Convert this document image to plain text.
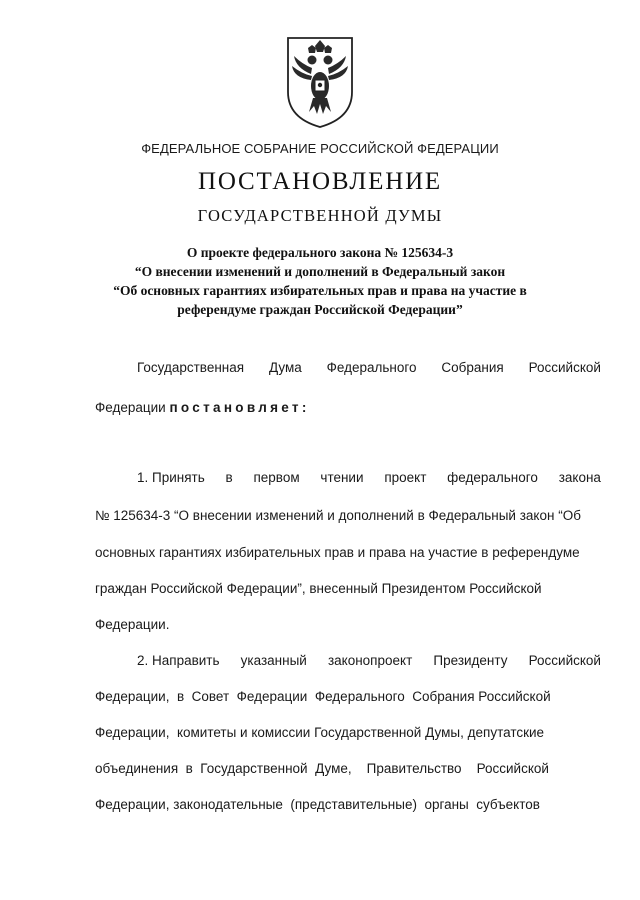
ФЕДЕРАЛЬНОЕ СОБРАНИЕ РОССИЙСКОЙ ФЕДЕРАЦИИ
ПОСТАНОВЛЕНИЕ
ГОСУДАРСТВЕННОЙ ДУМЫ
О проекте федерального закона № 125634-3
“О внесении изменений и дополнений в Федеральный закон
“Об основных гарантиях избирательных прав и права на участие в
референдуме граждан Российской Федерации”
Государственная Дума Федерального Собрания Российской
Федерации постановляет:
1. Принять в первом чтении проект федерального закона
№ 125634-3 “О внесении изменений и дополнений в Федеральный закон “Об
основных гарантиях избирательных прав и права на участие в референдуме
граждан Российской Федерации”, внесенный Президентом Российской
Федерации.
2. Направить указанный законопроект Президенту Российской
Федерации,  в  Совет  Федерации  Федерального  Собрания Российской
Федерации,  комитеты и комиссии Государственной Думы, депутатские
объединения  в  Государственной  Думе,    Правительство    Российской
Федерации, законодательные  (представительные)  органы  субъектов
